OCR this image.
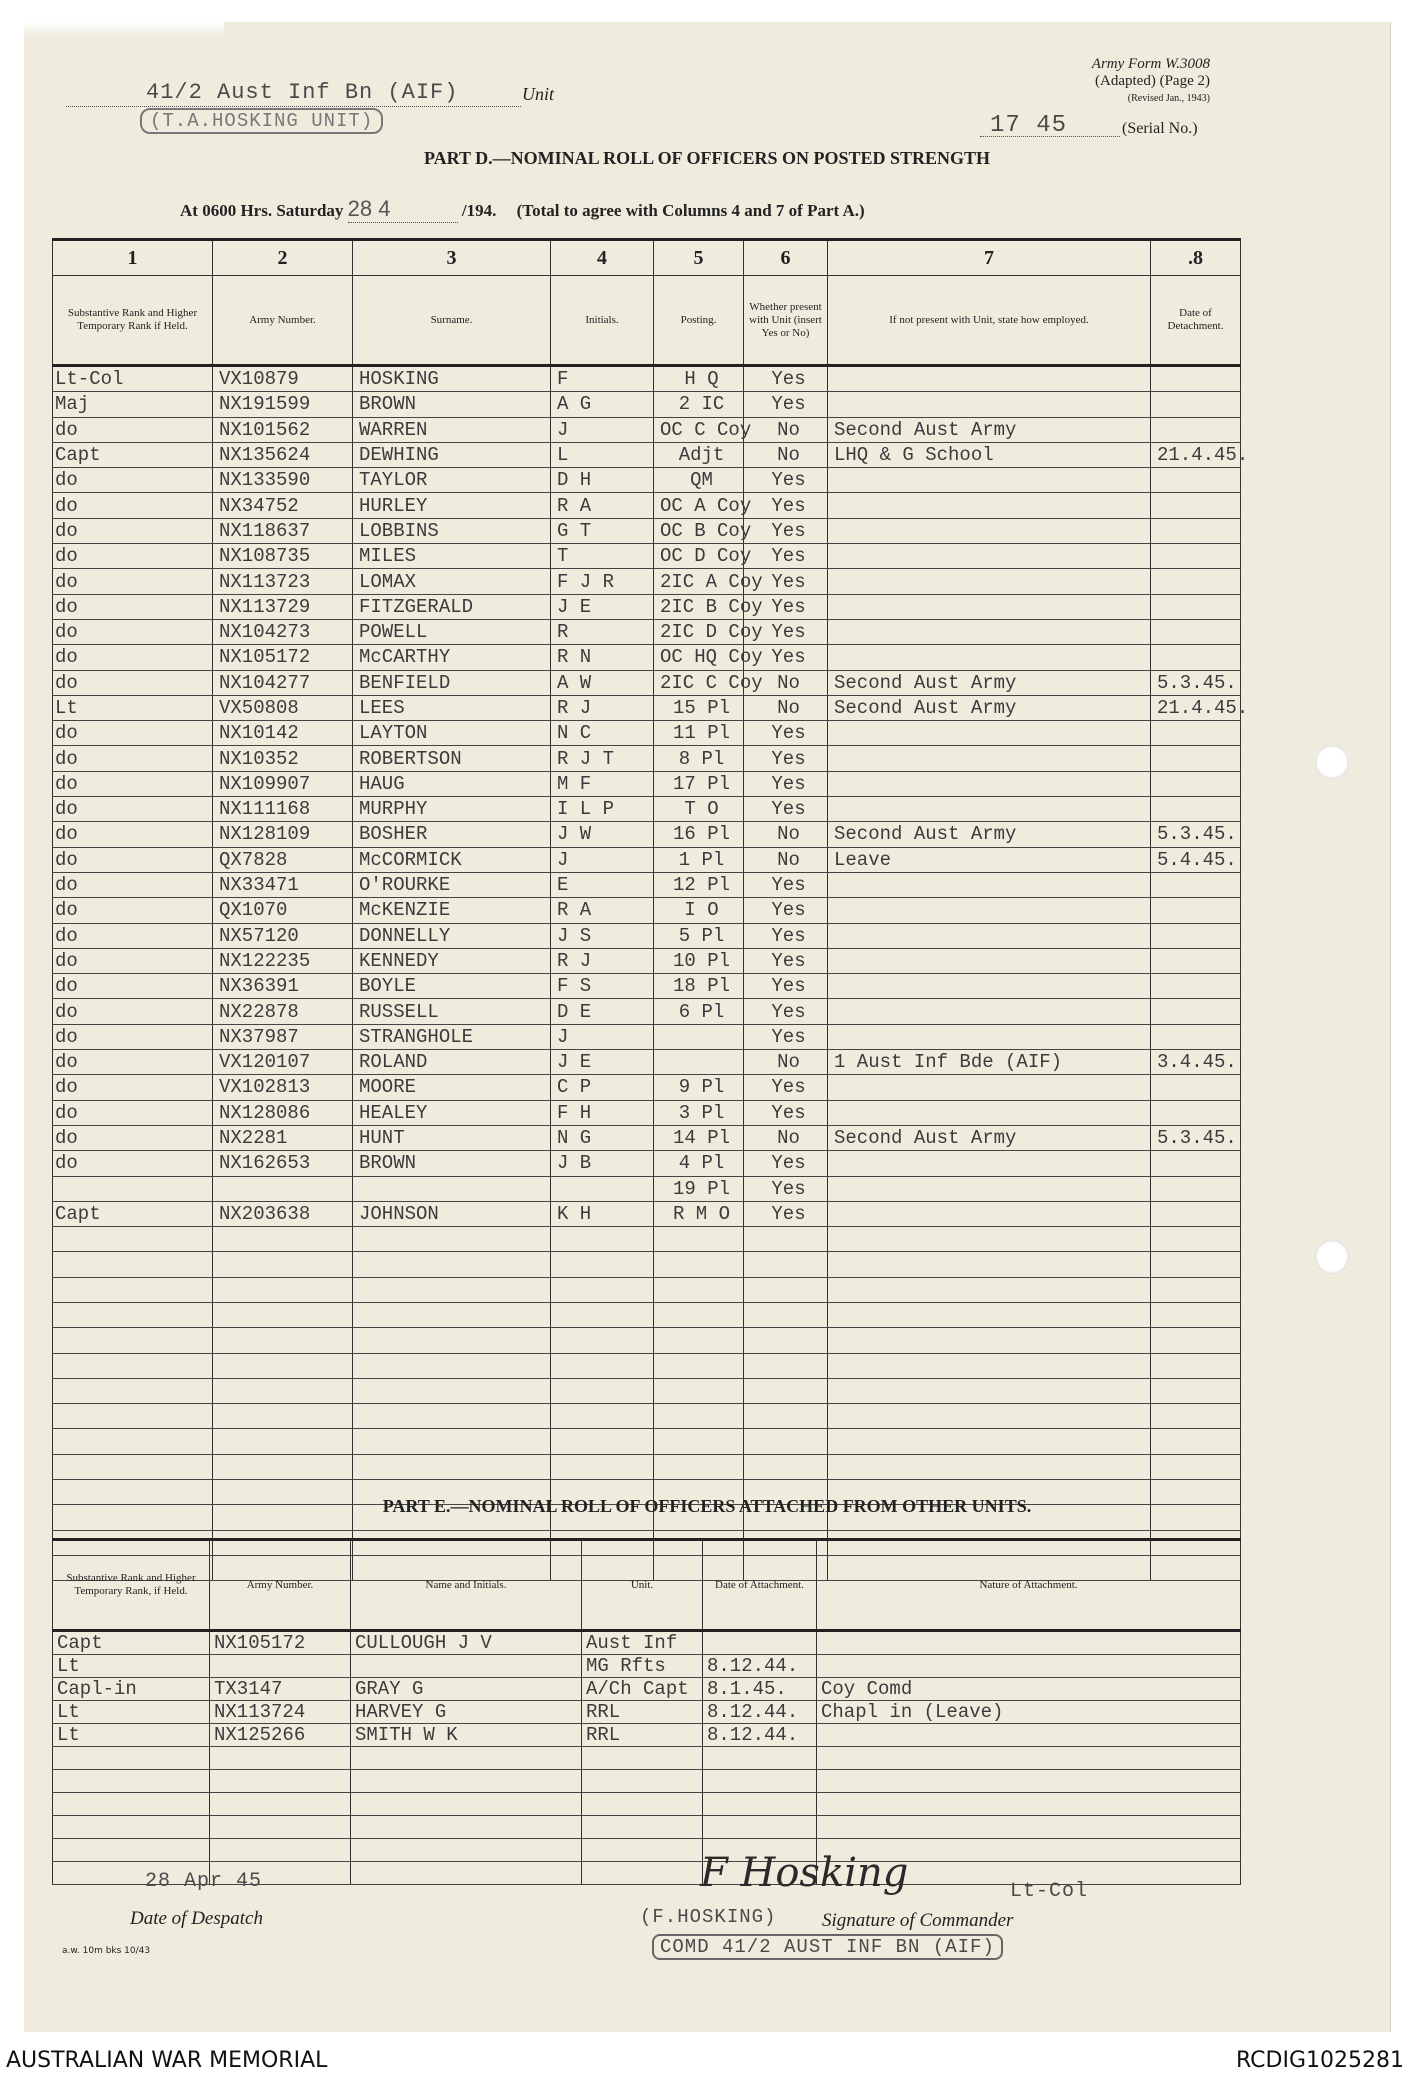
41/2 Aust Inf Bn (AIF)	Unit
(T.A.HOSKING UNIT)
Army Form W.3008
(Adapted) (Page 2)
(Revised Jan., 1943)
17 45	(Serial No.)
PART D.—NOMINAL ROLL OF OFFICERS ON POSTED STRENGTH
At 0600 Hrs. Saturday 28 4	/194. (Total to agree with Columns 4 and 7 of Part A.)
1	2	3	4	5	6	7	.8
Substantive Rank and Higher Temporary Rank if Held.	Army Number.	Surname.	Initials.	Posting.	Whether present with Unit (insert Yes or No)	If not present with Unit, state how employed.	Date of Detachment.
Lt-Col	VX10879	HOSKING	F	H Q	Yes		
Maj	NX191599	BROWN	A G	2 IC	Yes		
do	NX101562	WARREN	J	OC C Coy	No	Second Aust Army	
Capt	NX135624	DEWHING	L	Adjt	No	LHQ & G School	21.4.45.
do	NX133590	TAYLOR	D H	QM	Yes		
do	NX34752	HURLEY	R A	OC A Coy	Yes		
do	NX118637	LOBBINS	G T	OC B Coy	Yes		
do	NX108735	MILES	T	OC D Coy	Yes		
do	NX113723	LOMAX	F J R	2IC A Coy	Yes		
do	NX113729	FITZGERALD	J E	2IC B Coy	Yes		
do	NX104273	POWELL	R	2IC D Coy	Yes		
do	NX105172	McCARTHY	R N	OC HQ Coy	Yes		
do	NX104277	BENFIELD	A W	2IC C Coy	No	Second Aust Army	5.3.45.
Lt	VX50808	LEES	R J	15 Pl	No	Second Aust Army	21.4.45.
do	NX10142	LAYTON	N C	11 Pl	Yes		
do	NX10352	ROBERTSON	R J T	8 Pl	Yes		
do	NX109907	HAUG	M F	17 Pl	Yes		
do	NX111168	MURPHY	I L P	T O	Yes		
do	NX128109	BOSHER	J W	16 Pl	No	Second Aust Army	5.3.45.
do	QX7828	McCORMICK	J	1 Pl	No	Leave	5.4.45.
do	NX33471	O'ROURKE	E	12 Pl	Yes		
do	QX1070	McKENZIE	R A	I O	Yes		
do	NX57120	DONNELLY	J S	5 Pl	Yes		
do	NX122235	KENNEDY	R J	10 Pl	Yes		
do	NX36391	BOYLE	F S	18 Pl	Yes		
do	NX22878	RUSSELL	D E	6 Pl	Yes		
do	NX37987	STRANGHOLE	J		Yes		
do	VX120107	ROLAND	J E		No	1 Aust Inf Bde (AIF)	3.4.45.
do	VX102813	MOORE	C P	9 Pl	Yes		
do	NX128086	HEALEY	F H	3 Pl	Yes		
do	NX2281	HUNT	N G	14 Pl	No	Second Aust Army	5.3.45.
do	NX162653	BROWN	J B	4 Pl	Yes		
				19 Pl	Yes		
Capt	NX203638	JOHNSON	K H	R M O	Yes		

PART E.—NOMINAL ROLL OF OFFICERS ATTACHED FROM OTHER UNITS.
Substantive Rank and Higher Temporary Rank, if Held.	Army Number.	Name and Initials.	Unit.	Date of Attachment.	Nature of Attachment.
Capt	NX105172	CULLOUGH J V	Aust Inf		
Lt			MG Rfts	8.12.44.	
Capl-in	TX3147	GRAY G	A/Ch Capt	8.1.45.	Coy Comd
Lt	NX113724	HARVEY G	RRL	8.12.44.	Chapl in (Leave)
Lt	NX125266	SMITH W K	RRL	8.12.44.	

28 Apr 45
Date of Despatch
F Hosking	Lt-Col
Signature of Commander
(F.HOSKING)
COMD 41/2 AUST INF BN (AIF)
a.w. 10m bks 10/43
AUSTRALIAN WAR MEMORIAL	RCDIG1025281
